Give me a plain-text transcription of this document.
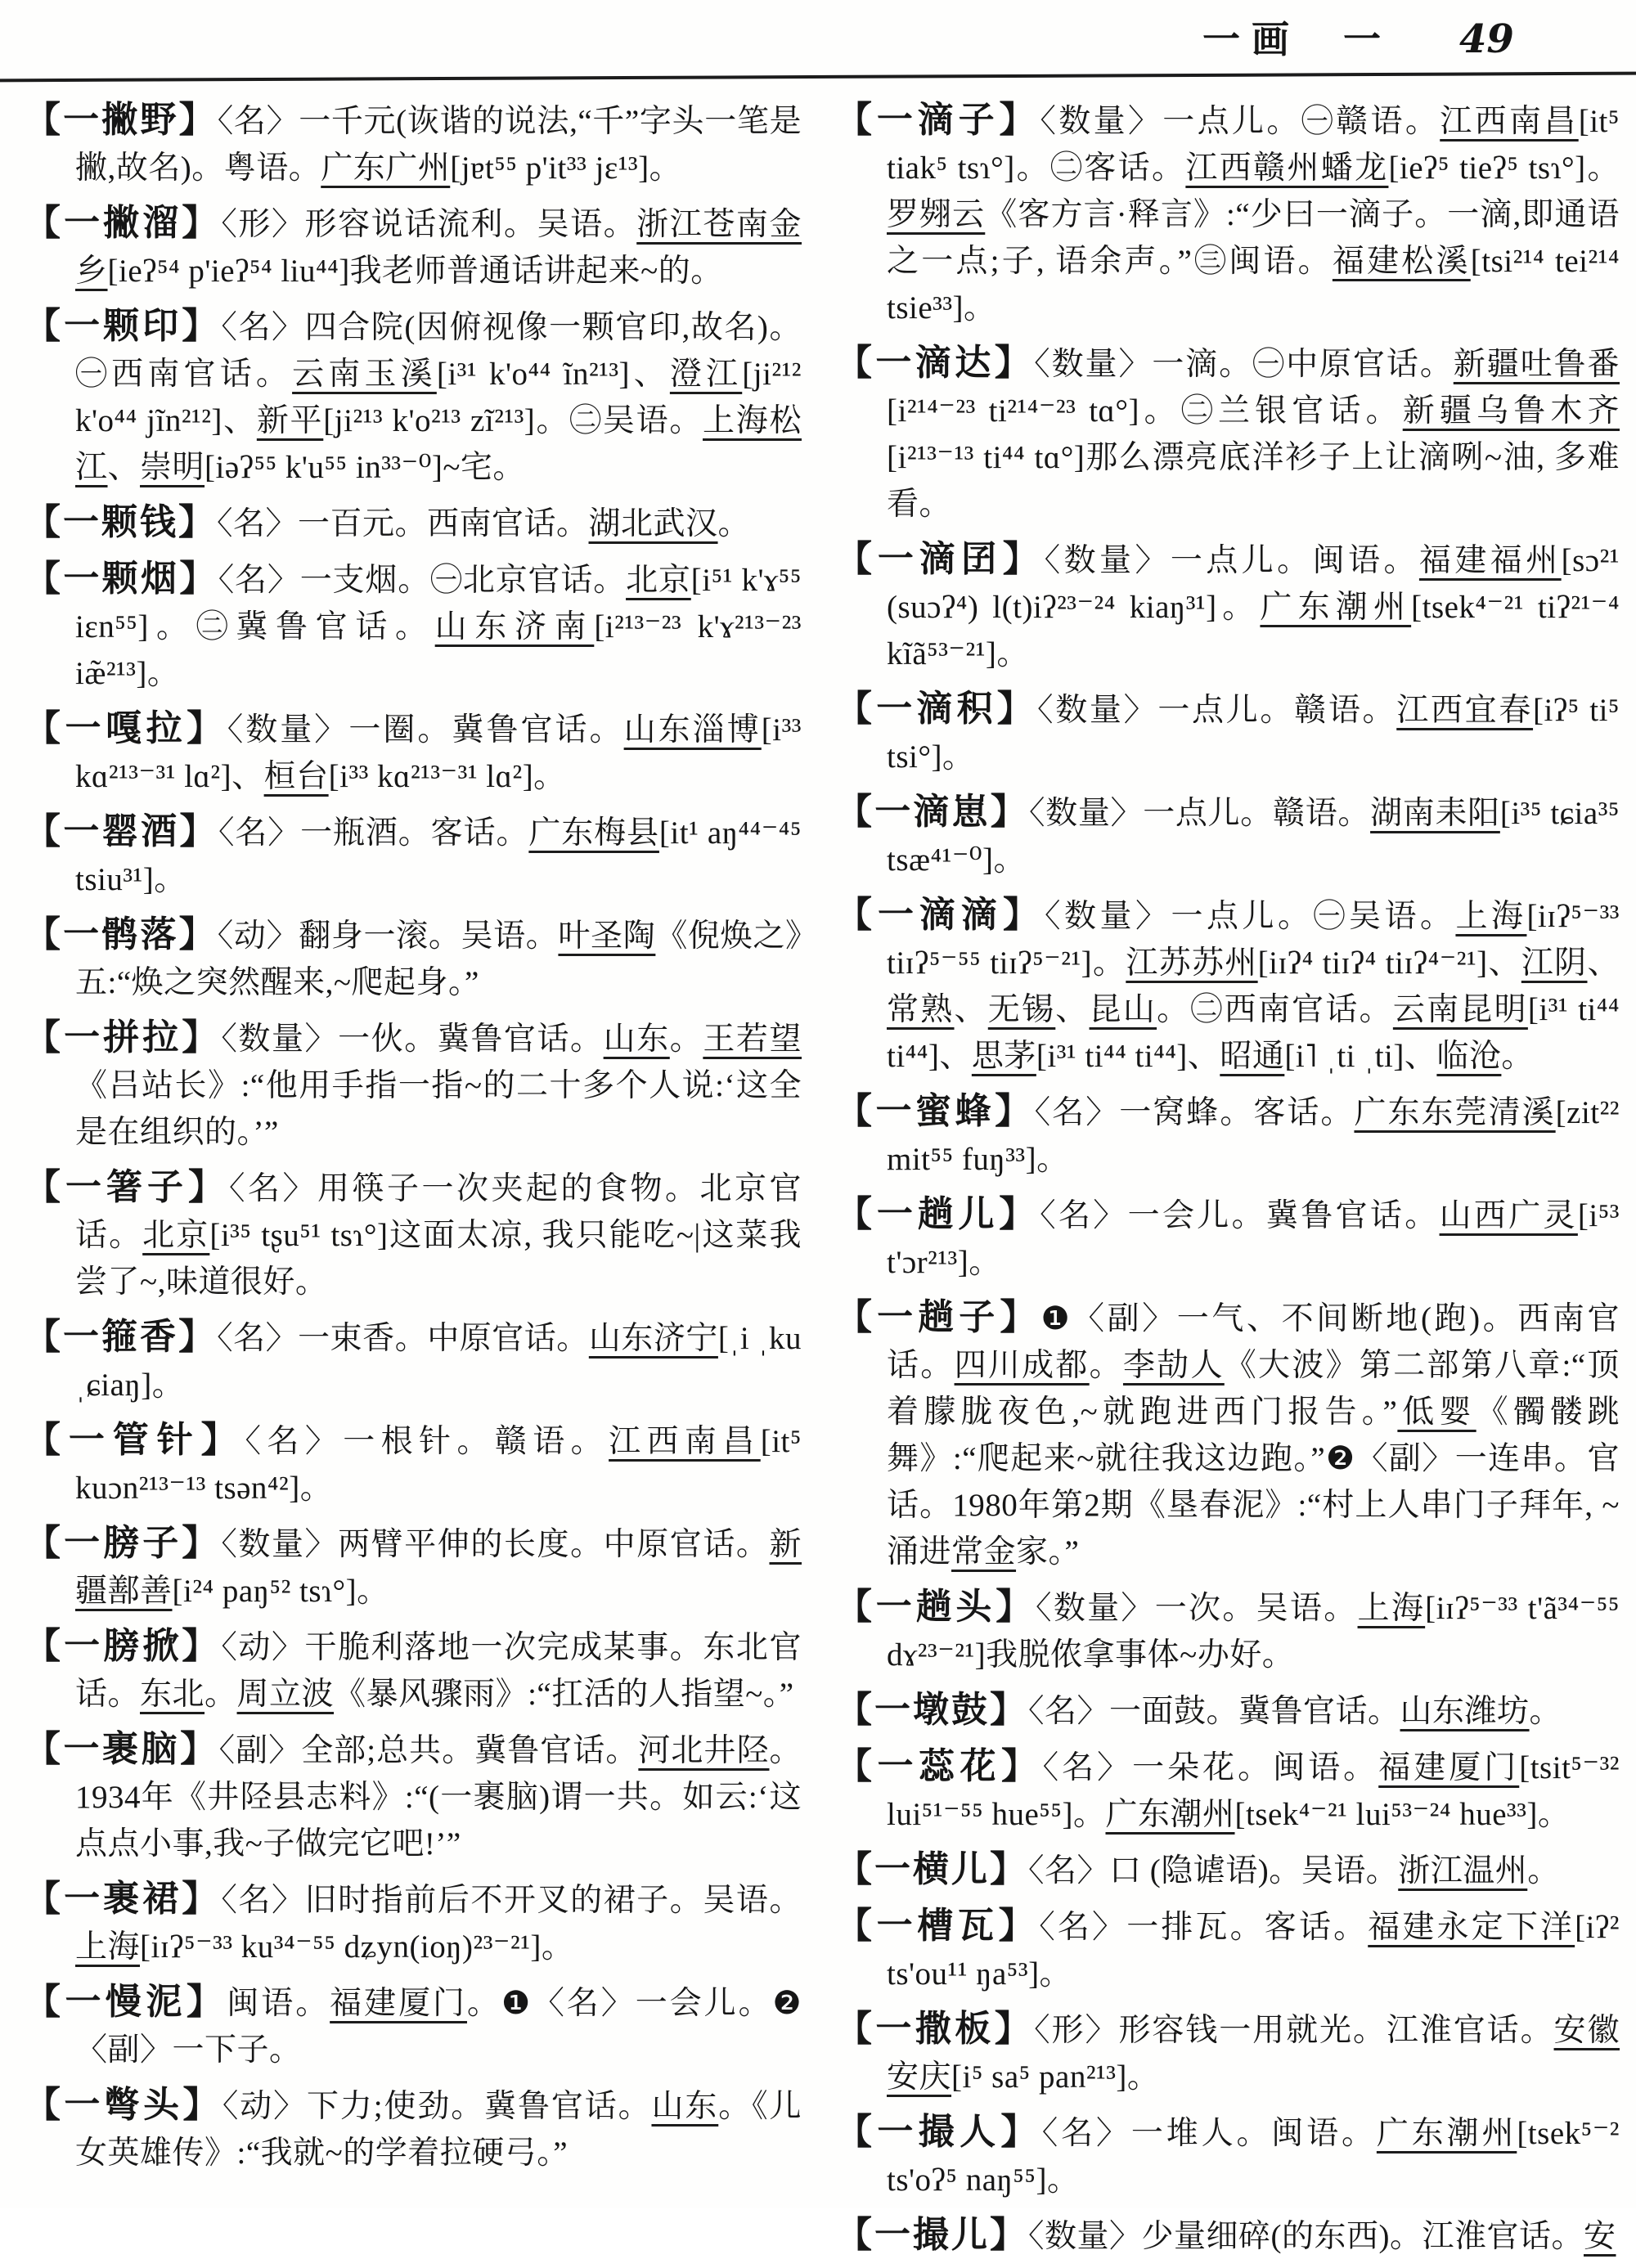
一画 一 49
【一撇野】〈名〉一千元(诙谐的说法,“千”字头一笔是撇,故名)。粤语。广东广州[jɐt⁵⁵ p'it³³ jɛ¹³]。
【一撇溜】〈形〉形容说话流利。吴语。浙江苍南金乡[ieʔ⁵⁴ p'ieʔ⁵⁴ liu⁴⁴]我老师普通话讲起来~的。
【一颗印】〈名〉四合院(因俯视像一颗官印,故名)。㊀西南官话。云南玉溪[i³¹ k'o⁴⁴ ĩn²¹³]、澄江[ji²¹² k'o⁴⁴ jĩn²¹²]、新平[ji²¹³ k'o²¹³ zĩ²¹³]。㊁吴语。上海松江、崇明[iəʔ⁵⁵ k'u⁵⁵ in³³⁻⁰]~宅。
【一颗钱】〈名〉一百元。西南官话。湖北武汉。
【一颗烟】〈名〉一支烟。㊀北京官话。北京[i⁵¹ k'ɤ⁵⁵ iɛn⁵⁵]。㊁冀鲁官话。山东济南[i²¹³⁻²³ k'ɤ²¹³⁻²³ iæ̃²¹³]。
【一嘎拉】〈数量〉一圈。冀鲁官话。山东淄博[i³³ kɑ²¹³⁻³¹ lɑ²]、桓台[i³³ kɑ²¹³⁻³¹ lɑ²]。
【一罂酒】〈名〉一瓶酒。客话。广东梅县[it¹ aŋ⁴⁴⁻⁴⁵ tsiu³¹]。
【一鹘落】〈动〉翻身一滚。吴语。叶圣陶《倪焕之》五:“焕之突然醒来,~爬起身。”
【一拼拉】〈数量〉一伙。冀鲁官话。山东。王若望《吕站长》:“他用手指一指~的二十多个人说:‘这全是在组织的。’”
【一箸子】〈名〉用筷子一次夹起的食物。北京官话。北京[i³⁵ tʂu⁵¹ tsɿ°]这面太凉, 我只能吃~|这菜我尝了~,味道很好。
【一箍香】〈名〉一束香。中原官话。山东济宁[ˌi ˌku ˌɕiaŋ]。
【一管针】〈名〉一根针。赣语。江西南昌[it⁵ kuɔn²¹³⁻¹³ tsən⁴²]。
【一膀子】〈数量〉两臂平伸的长度。中原官话。新疆鄯善[i²⁴ paŋ⁵² tsɿ°]。
【一膀掀】〈动〉干脆利落地一次完成某事。东北官话。东北。周立波《暴风骤雨》:“扛活的人指望~。”
【一裹脑】〈副〉全部;总共。冀鲁官话。河北井陉。1934年《井陉县志料》:“(一裹脑)谓一共。如云:‘这点点小事,我~子做完它吧!’”
【一裹裙】〈名〉旧时指前后不开叉的裙子。吴语。上海[iɪʔ⁵⁻³³ ku³⁴⁻⁵⁵ dʑyn(ioŋ)²³⁻²¹]。
【一慢泥】闽语。福建厦门。❶〈名〉一会儿。❷〈副〉一下子。
【一彆头】〈动〉下力;使劲。冀鲁官话。山东。《儿女英雄传》:“我就~的学着拉硬弓。”
【一滴子】〈数量〉一点儿。㊀赣语。江西南昌[it⁵ tiak⁵ tsɿ°]。㊁客话。江西赣州蟠龙[ieʔ⁵ tieʔ⁵ tsɿ°]。罗翙云《客方言·释言》:“少曰一滴子。一滴,即通语之一点;子, 语余声。”㊂闽语。福建松溪[tsi²¹⁴ tei²¹⁴ tsie³³]。
【一滴达】〈数量〉一滴。㊀中原官话。新疆吐鲁番[i²¹⁴⁻²³ ti²¹⁴⁻²³ tɑ°]。㊁兰银官话。新疆乌鲁木齐[i²¹³⁻¹³ ti⁴⁴ tɑ°]那么漂亮底洋衫子上让滴咧~油, 多难看。
【一滴囝】〈数量〉一点儿。闽语。福建福州[sɔ²¹ (suɔʔ⁴) l(t)iʔ²³⁻²⁴ kiaŋ³¹]。广东潮州[tsek⁴⁻²¹ tiʔ²¹⁻⁴ kĩã⁵³⁻²¹]。
【一滴积】〈数量〉一点儿。赣语。江西宜春[iʔ⁵ ti⁵ tsi°]。
【一滴崽】〈数量〉一点儿。赣语。湖南耒阳[i³⁵ tɕia³⁵ tsæ⁴¹⁻⁰]。
【一滴滴】〈数量〉一点儿。㊀吴语。上海[iɪʔ⁵⁻³³ tiɪʔ⁵⁻⁵⁵ tiɪʔ⁵⁻²¹]。江苏苏州[iɪʔ⁴ tiɪʔ⁴ tiɪʔ⁴⁻²¹]、江阴、常熟、无锡、昆山。㊁西南官话。云南昆明[i³¹ ti⁴⁴ ti⁴⁴]、思茅[i³¹ ti⁴⁴ ti⁴⁴]、昭通[i˥ ˌti ˌti]、临沧。
【一蜜蜂】〈名〉一窝蜂。客话。广东东莞清溪[zit²² mit⁵⁵ fuŋ³³]。
【一趟儿】〈名〉一会儿。冀鲁官话。山西广灵[i⁵³ t'ɔr²¹³]。
【一趟子】❶〈副〉一气、不间断地(跑)。西南官话。四川成都。李劼人《大波》第二部第八章:“顶着朦胧夜色,~就跑进西门报告。”低婴《髑髅跳舞》:“爬起来~就往我这边跑。”❷〈副〉一连串。官话。1980年第2期《垦春泥》:“村上人串门子拜年, ~涌进常金家。”
【一趟头】〈数量〉一次。吴语。上海[iɪʔ⁵⁻³³ t'ã³⁴⁻⁵⁵ dɤ²³⁻²¹]我脱侬拿事体~办好。
【一墩鼓】〈名〉一面鼓。冀鲁官话。山东潍坊。
【一蕊花】〈名〉一朵花。闽语。福建厦门[tsit⁵⁻³² lui⁵¹⁻⁵⁵ hue⁵⁵]。广东潮州[tsek⁴⁻²¹ lui⁵³⁻²⁴ hue³³]。
【一横儿】〈名〉口 (隐谑语)。吴语。浙江温州。
【一槽瓦】〈名〉一排瓦。客话。福建永定下洋[iʔ² ts'ou¹¹ ŋa⁵³]。
【一撒板】〈形〉形容钱一用就光。江淮官话。安徽安庆[i⁵ sa⁵ pan²¹³]。
【一撮人】〈名〉一堆人。闽语。广东潮州[tsek⁵⁻² ts'oʔ⁵ naŋ⁵⁵]。
【一撮儿】〈数量〉少量细碎(的东西)。江淮官话。安
